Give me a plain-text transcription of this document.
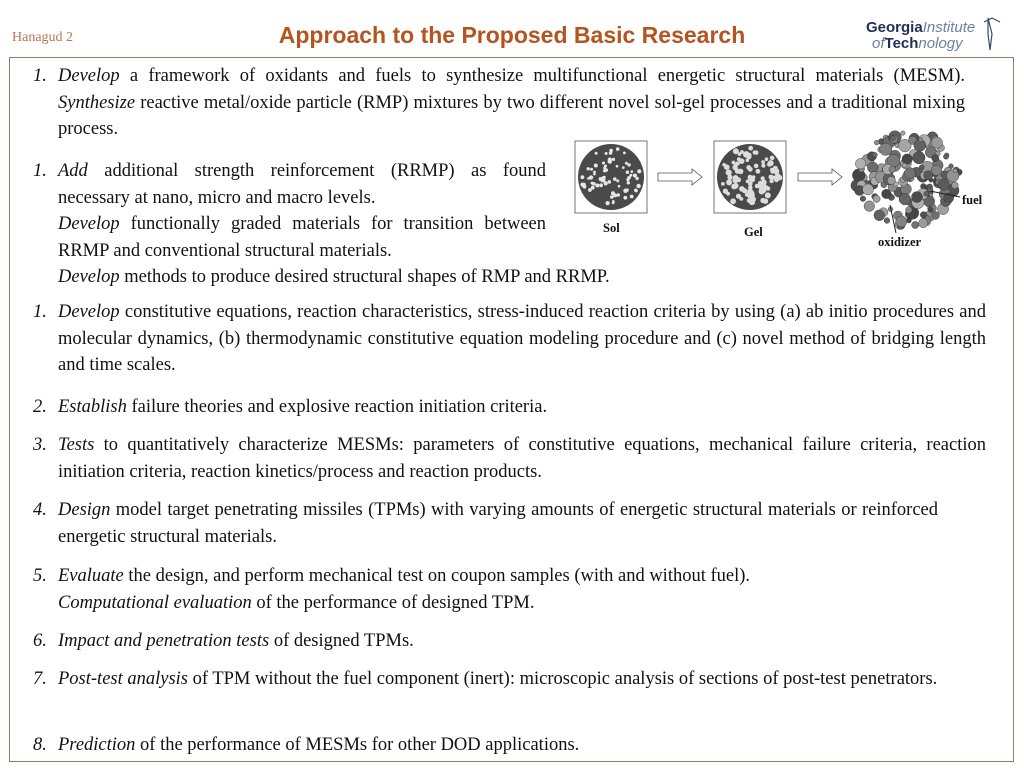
Hanagud 2	Approach to the Proposed Basic Research	GeorgiaInstitute
ofTechnology
1. Develop a framework of oxidants and fuels to synthesize multifunctional energetic structural materials (MESM). Synthesize reactive metal/oxide particle (RMP) mixtures by two different novel sol-gel processes and a traditional mixing process.
1. Add additional strength reinforcement (RRMP) as found necessary at nano, micro and macro levels.
Develop functionally graded materials for transition between RRMP and conventional structural materials.
Develop methods to produce desired structural shapes of RMP and RRMP.
Sol	Gel
fuel
oxidizer
1. Develop constitutive equations, reaction characteristics, stress-induced reaction criteria by using (a) ab initio procedures and molecular dynamics, (b) thermodynamic constitutive equation modeling procedure and (c) novel method of bridging length and time scales.
2. Establish failure theories and explosive reaction initiation criteria.
3. Tests to quantitatively characterize MESMs: parameters of constitutive equations, mechanical failure criteria, reaction initiation criteria, reaction kinetics/process and reaction products.
4. Design model target penetrating missiles (TPMs) with varying amounts of energetic structural materials or reinforced energetic structural materials.
5. Evaluate the design, and perform mechanical test on coupon samples (with and without fuel).
Computational evaluation of the performance of designed TPM.
6. Impact and penetration tests of designed TPMs.
7. Post-test analysis of TPM without the fuel component (inert): microscopic analysis of sections of post-test penetrators.
8. Prediction of the performance of MESMs for other DOD applications.
